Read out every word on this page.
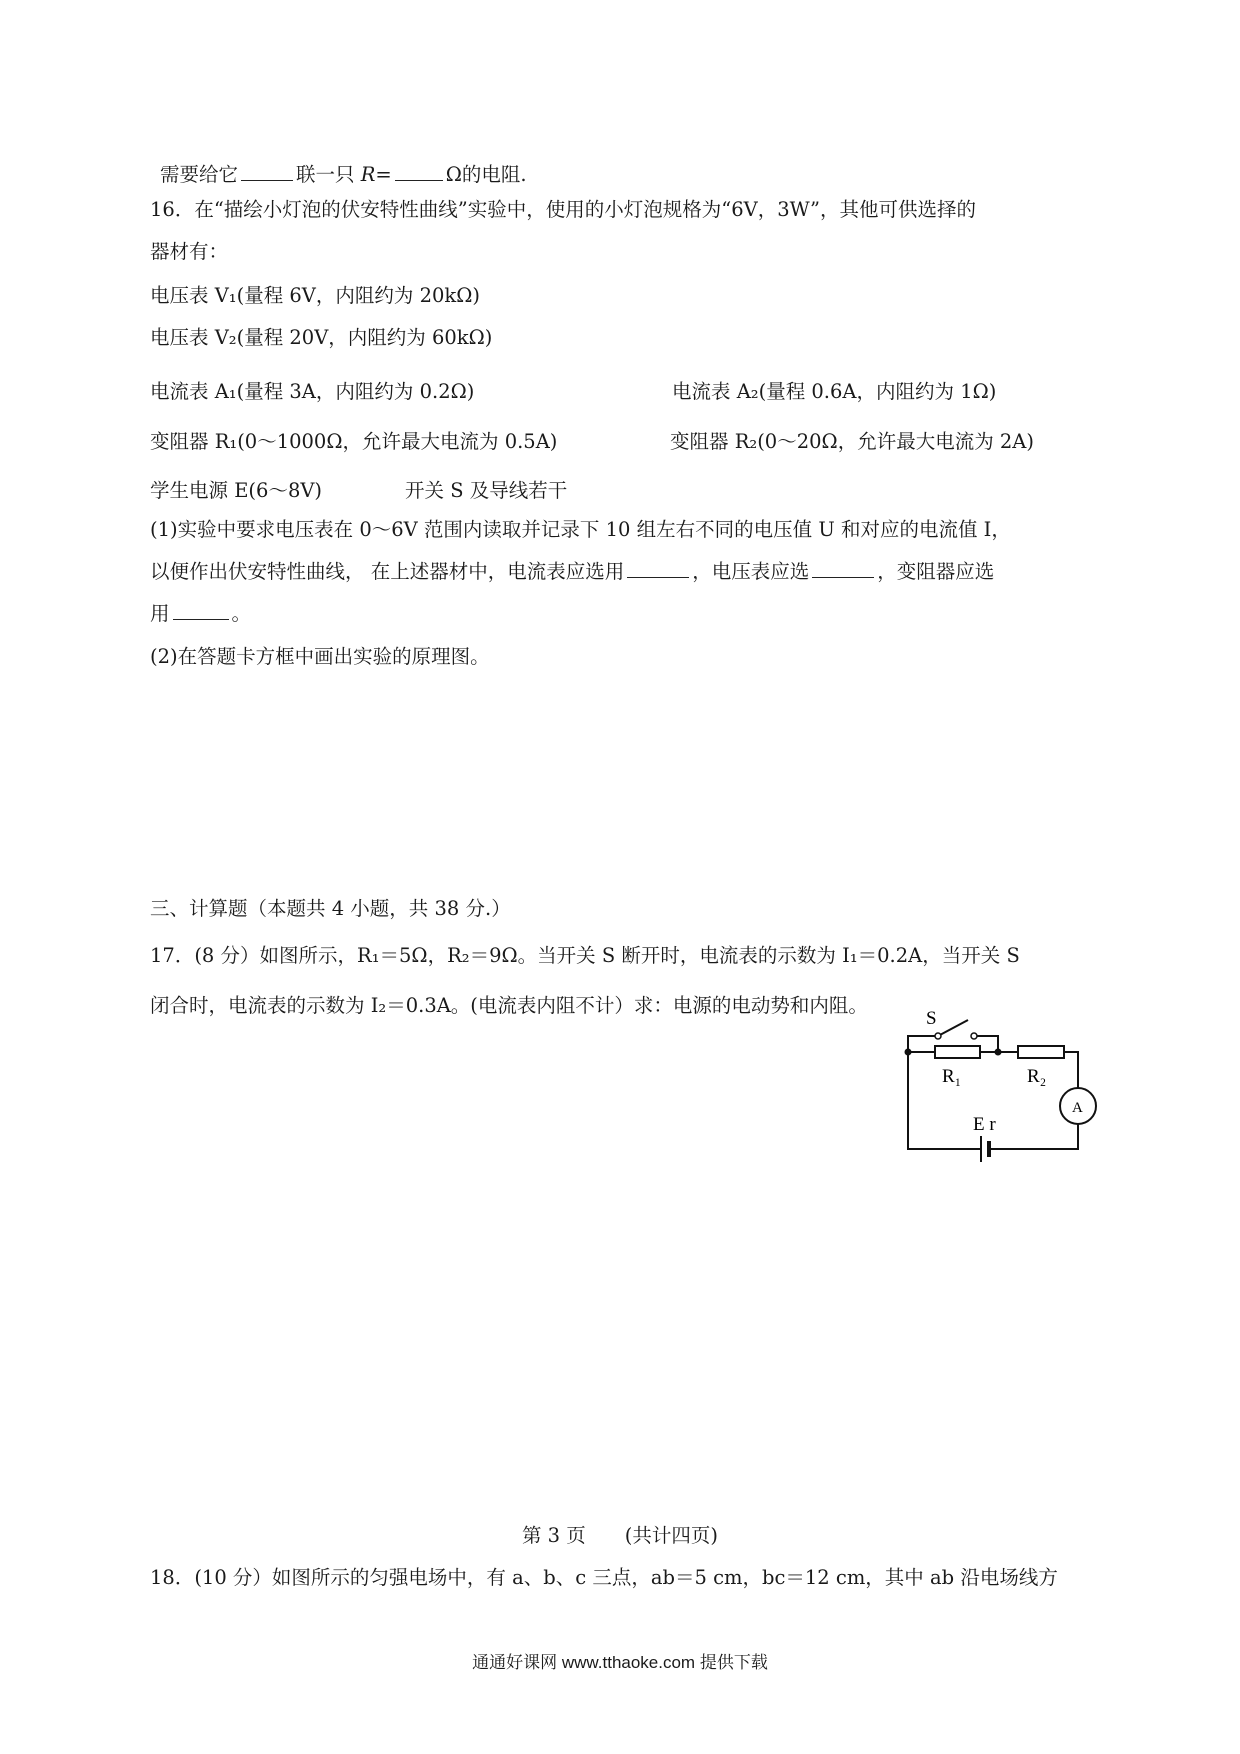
需要给它	联一只 R=	Ω的电阻.
16．在“描绘小灯泡的伏安特性曲线”实验中，使用的小灯泡规格为“6V，3W”，其他可供选择的
器材有：
电压表 V₁(量程 6V，内阻约为 20kΩ)
电压表 V₂(量程 20V，内阻约为 60kΩ)
电流表 A₁(量程 3A，内阻约为 0.2Ω)	电流表 A₂(量程 0.6A，内阻约为 1Ω)
变阻器 R₁(0～1000Ω，允许最大电流为 0.5A)	变阻器 R₂(0～20Ω，允许最大电流为 2A)
学生电源 E(6～8V)	开关 S 及导线若干
(1)实验中要求电压表在 0～6V 范围内读取并记录下 10 组左右不同的电压值 U 和对应的电流值 I，
以便作出伏安特性曲线， 在上述器材中，电流表应选用	，电压表应选	，变阻器应选
用	。
(2)在答题卡方框中画出实验的原理图。
三、计算题（本题共 4 小题，共 38 分.）
17．(8 分）如图所示，R₁＝5Ω，R₂＝9Ω。当开关 S 断开时，电流表的示数为 I₁＝0.2A，当开关 S
闭合时，电流表的示数为 I₂＝0.3A。(电流表内阻不计）求：电源的电动势和内阻。
S
R₁	R₂
A
E r
第 3 页　　(共计四页)
18．(10 分）如图所示的匀强电场中，有 a、b、c 三点，ab＝5 cm，bc＝12 cm，其中 ab 沿电场线方
通通好课网 www.tthaoke.com 提供下载
